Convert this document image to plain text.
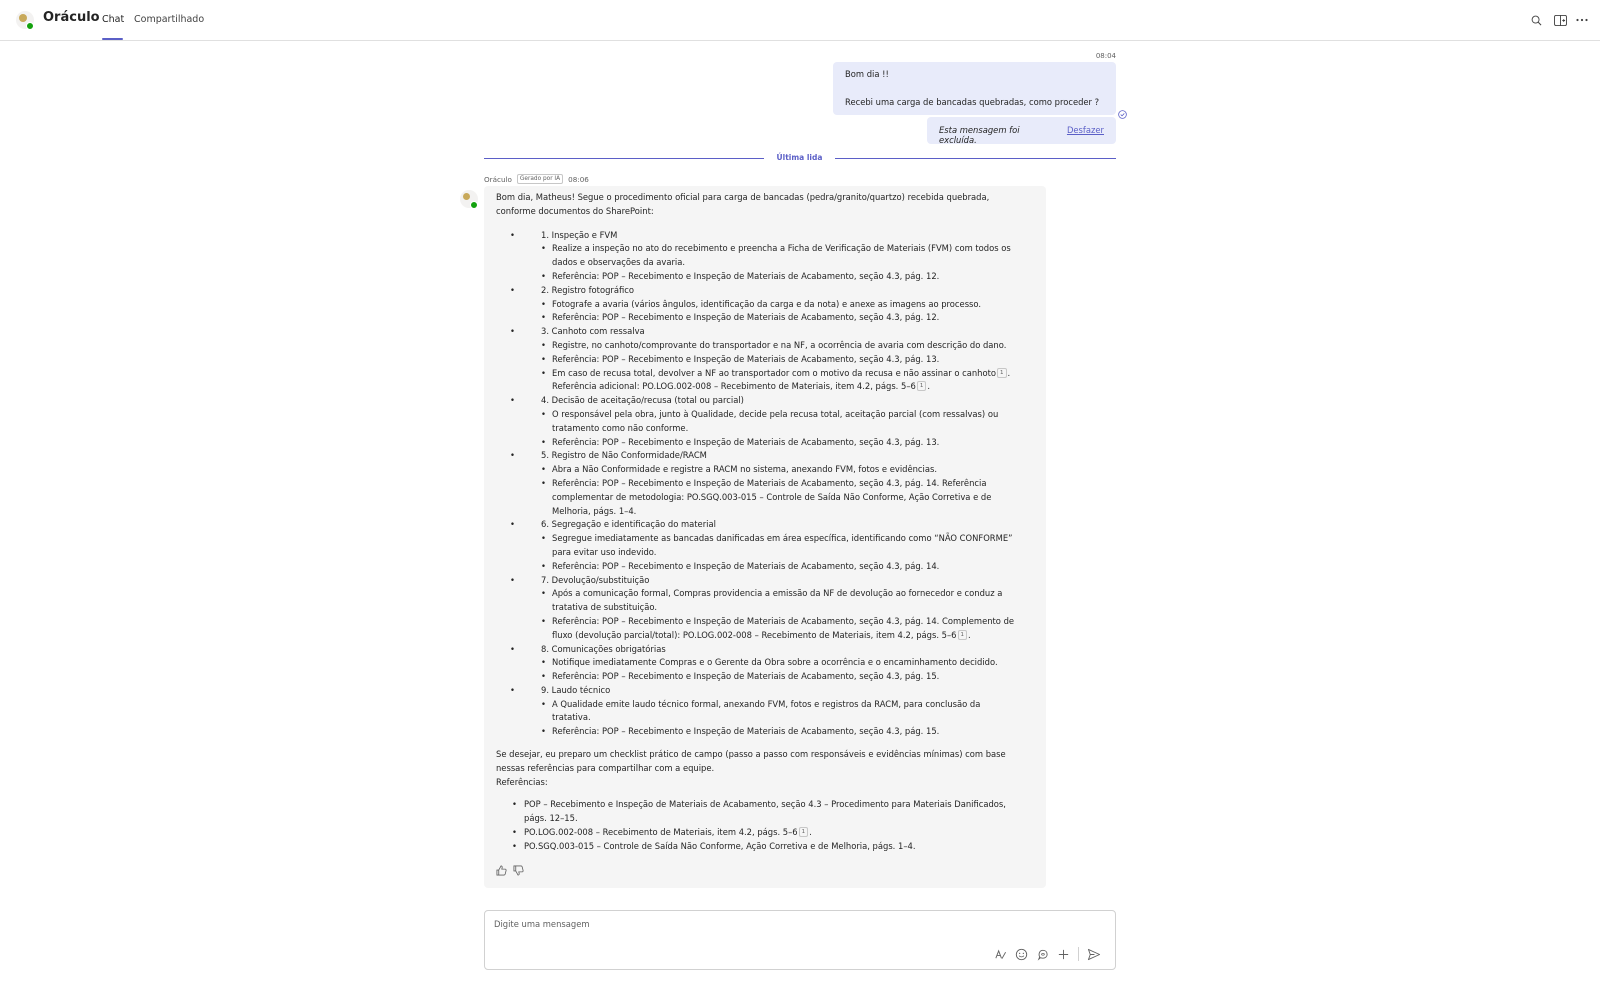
Oráculo Chat Compartilhado
08:04

Bom dia !!

Recebi uma carga de bancadas quebradas, como proceder ?

Esta mensagem foi excluída.
Desfazer
Última lida
Oráculo	Gerado por IA	08:06

Bom dia, Matheus! Segue o procedimento oficial para carga de bancadas (pedra/granito/quartzo) recebida quebrada, conforme documentos do SharePoint:

•	1. Inspeção e FVM
• Realize a inspeção no ato do recebimento e preencha a Ficha de Verificação de Materiais (FVM) com todos os dados e observações da avaria.
• Referência: POP – Recebimento e Inspeção de Materiais de Acabamento, seção 4.3, pág. 12.
•	2. Registro fotográfico
• Fotografe a avaria (vários ângulos, identificação da carga e da nota) e anexe as imagens ao processo.
• Referência: POP – Recebimento e Inspeção de Materiais de Acabamento, seção 4.3, pág. 12.
•	3. Canhoto com ressalva
• Registre, no canhoto/comprovante do transportador e na NF, a ocorrência de avaria com descrição do dano.
• Referência: POP – Recebimento e Inspeção de Materiais de Acabamento, seção 4.3, pág. 13.
• Em caso de recusa total, devolver a NF ao transportador com o motivo da recusa e não assinar o canhoto 1 . Referência adicional: PO.LOG.002-008 – Recebimento de Materiais, item 4.2, págs. 5–6 1 .
•	4. Decisão de aceitação/recusa (total ou parcial)
• O responsável pela obra, junto à Qualidade, decide pela recusa total, aceitação parcial (com ressalvas) ou tratamento como não conforme.
• Referência: POP – Recebimento e Inspeção de Materiais de Acabamento, seção 4.3, pág. 13.
•	5. Registro de Não Conformidade/RACM
• Abra a Não Conformidade e registre a RACM no sistema, anexando FVM, fotos e evidências.
• Referência: POP – Recebimento e Inspeção de Materiais de Acabamento, seção 4.3, pág. 14. Referência complementar de metodologia: PO.SGQ.003-015 – Controle de Saída Não Conforme, Ação Corretiva e de Melhoria, págs. 1–4.
•	6. Segregação e identificação do material
• Segregue imediatamente as bancadas danificadas em área específica, identificando como “NÃO CONFORME” para evitar uso indevido.
• Referência: POP – Recebimento e Inspeção de Materiais de Acabamento, seção 4.3, pág. 14.
•	7. Devolução/substituição
• Após a comunicação formal, Compras providencia a emissão da NF de devolução ao fornecedor e conduz a tratativa de substituição.
• Referência: POP – Recebimento e Inspeção de Materiais de Acabamento, seção 4.3, pág. 14. Complemento de fluxo (devolução parcial/total): PO.LOG.002-008 – Recebimento de Materiais, item 4.2, págs. 5–6 1 .
•	8. Comunicações obrigatórias
• Notifique imediatamente Compras e o Gerente da Obra sobre a ocorrência e o encaminhamento decidido.
• Referência: POP – Recebimento e Inspeção de Materiais de Acabamento, seção 4.3, pág. 15.
•	9. Laudo técnico
• A Qualidade emite laudo técnico formal, anexando FVM, fotos e registros da RACM, para conclusão da tratativa.
• Referência: POP – Recebimento e Inspeção de Materiais de Acabamento, seção 4.3, pág. 15.

Se desejar, eu preparo um checklist prático de campo (passo a passo com responsáveis e evidências mínimas) com base nessas referências para compartilhar com a equipe.

Referências:

• POP – Recebimento e Inspeção de Materiais de Acabamento, seção 4.3 – Procedimento para Materiais Danificados, págs. 12–15.
• PO.LOG.002-008 – Recebimento de Materiais, item 4.2, págs. 5–6 1 .
• PO.SGQ.003-015 – Controle de Saída Não Conforme, Ação Corretiva e de Melhoria, págs. 1–4.
Digite uma mensagem
